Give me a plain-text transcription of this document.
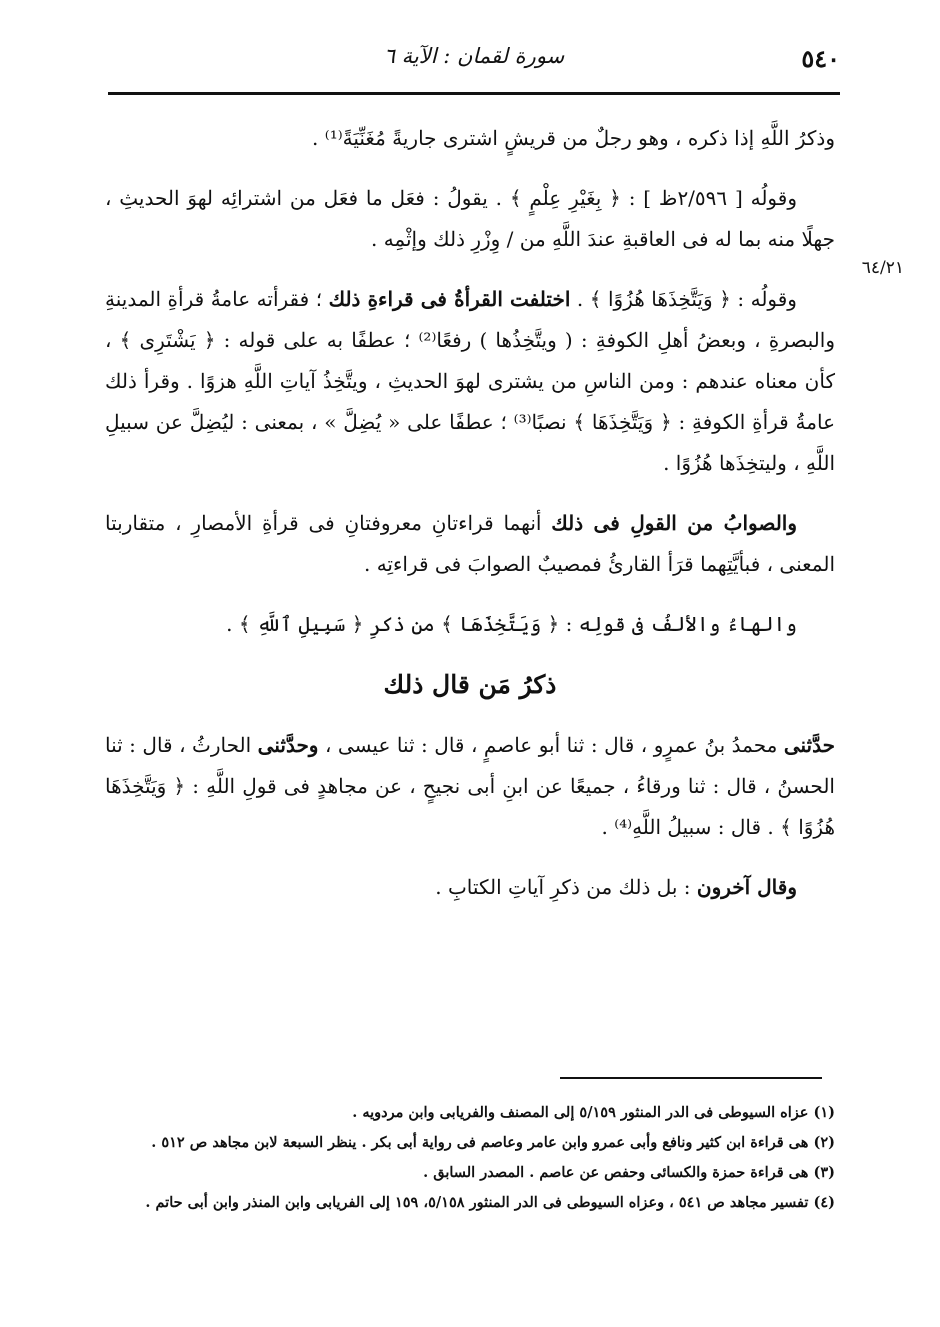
٥٤٠
سورة لقمان : الآية ٦
٦٤/٢١

وذكرُ اللَّهِ إذا ذكره ، وهو رجلٌ من قريشٍ اشترى جاريةً مُغَنِّيَةً⁽¹⁾ .

وقولُه [ ٢/٥٩٦ظ ] : ﴿ بِغَيْرِ عِلْمٍ ﴾ . يقولُ : فعَل ما فعَل من اشترائِه لهوَ الحديثِ ، جهلًا منه بما له فى العاقبةِ عندَ اللَّهِ من / وِزْرِ ذلك وإثْمِه .

وقولُه : ﴿ وَيَتَّخِذَهَا هُزُوًا ﴾ . اختلفت القرأةُ فى قراءةِ ذلك ؛ فقرأته عامةُ قرأةِ المدينةِ والبصرةِ ، وبعضُ أهلِ الكوفةِ : ( ويتَّخِذُها ) رفعًا⁽²⁾ ؛ عطفًا به على قوله : ﴿ يَشْتَرِى ﴾ ، كأن معناه عندهم : ومن الناسِ من يشترى لهوَ الحديثِ ، ويتَّخِذُ آياتِ اللَّهِ هزوًا . وقرأ ذلك عامةُ قرأةِ الكوفةِ : ﴿ وَيَتَّخِذَهَا ﴾ نصبًا⁽³⁾ ؛ عطفًا على « يُضِلَّ » ، بمعنى : ليُضِلَّ عن سبيلِ اللَّهِ ، وليتخِذَها هُزُوًا .

والصوابُ من القولِ فى ذلك أنهما قراءتانِ معروفتانِ فى قرأةِ الأمصارِ ، متقاربتا المعنى ، فبأيَّتِهما قرَأ القارئُ فمصيبٌ الصوابَ فى قراءتِه .

والهاءُ والألفُ فى قولِه : ﴿ وَيَتَّخِذَهَا ﴾ من ذكرِ ﴿ سَبِيلِ ٱللَّهِ ﴾ .

ذكرُ مَن قال ذلك

حدَّثنى محمدُ بنُ عمرٍو ، قال : ثنا أبو عاصمٍ ، قال : ثنا عيسى ، وحدَّثنى الحارثُ ، قال : ثنا الحسنُ ، قال : ثنا ورقاءُ ، جميعًا عن ابنِ أبى نجيحٍ ، عن مجاهدٍ فى قولِ اللَّهِ : ﴿ وَيَتَّخِذَهَا هُزُوًا ﴾ . قال : سبيلُ اللَّهِ⁽⁴⁾ .

وقال آخرون : بل ذلك من ذكرِ آياتِ الكتابِ .

(١) عزاه السيوطى فى الدر المنثور ٥/١٥٩ إلى المصنف والفريابى وابن مردويه .
(٢) هى قراءة ابن كثير ونافع وأبى عمرو وابن عامر وعاصم فى رواية أبى بكر . ينظر السبعة لابن مجاهد ص ٥١٢ .
(٣) هى قراءة حمزة والكسائى وحفص عن عاصم . المصدر السابق .
(٤) تفسير مجاهد ص ٥٤١ ، وعزاه السيوطى فى الدر المنثور ٥/١٥٨، ١٥٩ إلى الفريابى وابن المنذر وابن أبى حاتم .
